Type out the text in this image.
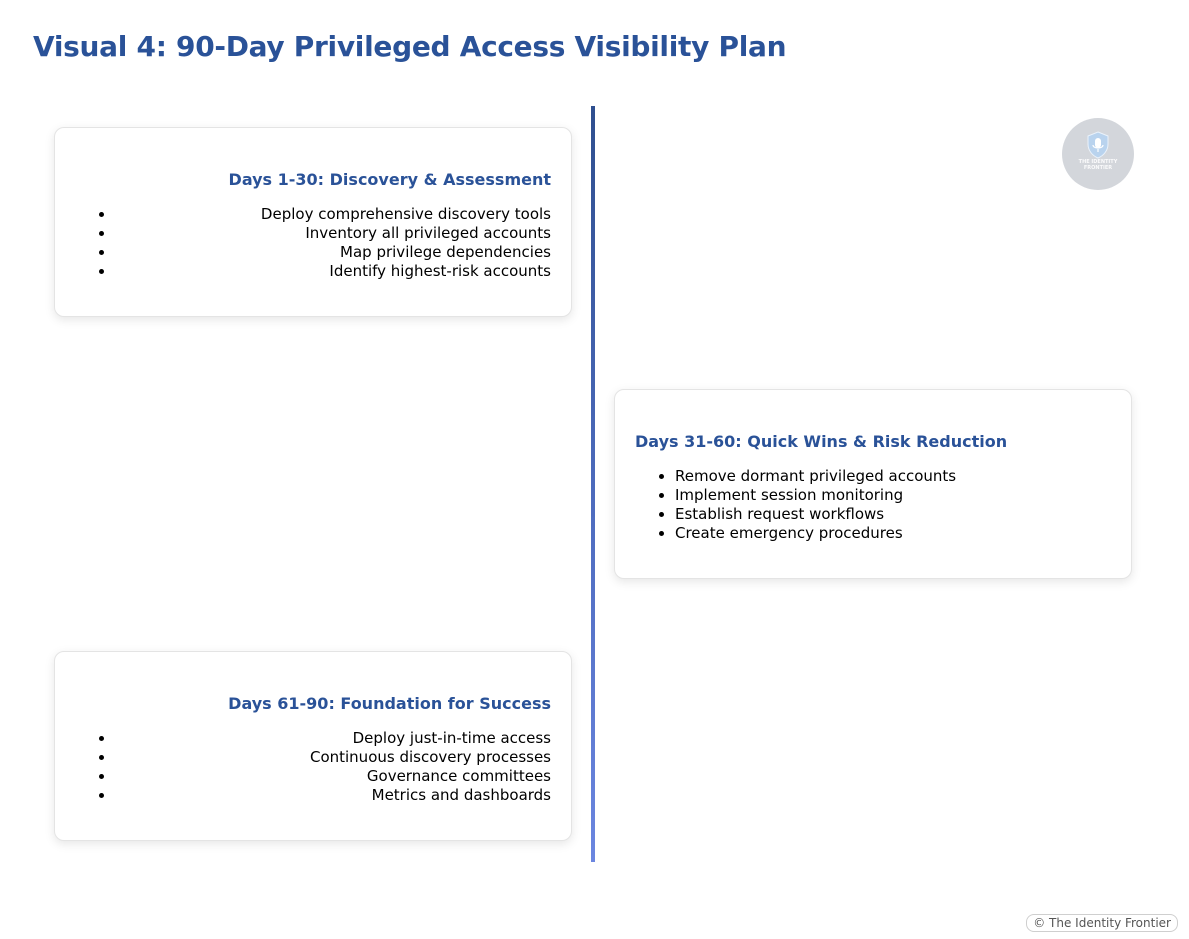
Visual 4: 90-Day Privileged Access Visibility Plan
Days 1-30: Discovery & Assessment
• Deploy comprehensive discovery tools
• Inventory all privileged accounts
• Map privilege dependencies
• Identify highest-risk accounts
Days 31-60: Quick Wins & Risk Reduction
• Remove dormant privileged accounts
• Implement session monitoring
• Establish request workflows
• Create emergency procedures
Days 61-90: Foundation for Success
• Deploy just-in-time access
• Continuous discovery processes
• Governance committees
• Metrics and dashboards
THE IDENTITY
FRONTIER
© The Identity Frontier
